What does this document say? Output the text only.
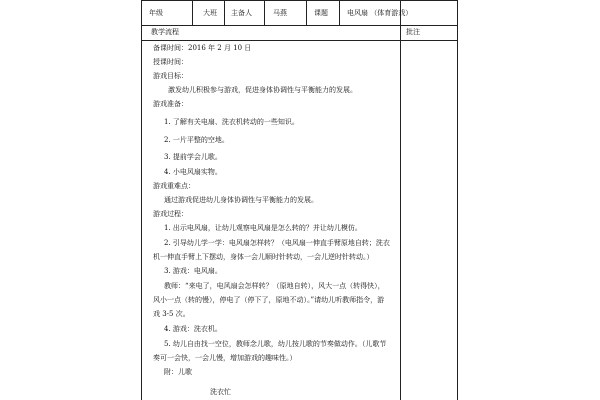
年级	大班 主备人	马燕	课题	电风扇 （体育游戏）
教学流程	批注
备课时间：2016 年 2 月 10 日
授课时间：
游戏目标：
激发幼儿积极参与游戏，促进身体协调性与平衡能力的发展。
游戏准备：
1. 了解有关电扇、洗衣机转动的一些知识。
2. 一片平整的空地。
3. 提前学会儿歌。
4. 小电风扇实物。
游戏重难点：
通过游戏促进幼儿身体协调性与平衡能力的发展。
游戏过程：
1. 出示电风扇，让幼儿观察电风扇是怎么转的？并让幼儿模仿。
2. 引导幼儿学一学：电风扇怎样转？（电风扇一伸直手臂原地自转；洗衣
机一伸直手臂上下摆动，身体一会儿顺时针转动，一会儿逆时针转动。）
3. 游戏：电风扇。
教师：“来电了，电风扇会怎样转？（原地自转），风大一点（转得快），
风小一点（转的慢），停电了（停下了，原地不动）。”请幼儿听教师指令，游
戏 3-5 次。
4. 游戏：洗衣机。
5. 幼儿自由找一空位，教师念儿歌，幼儿按儿歌的节奏做动作。（儿歌节
奏可一会快，一会儿慢，增加游戏的趣味性。）
附：儿歌
洗衣忙
